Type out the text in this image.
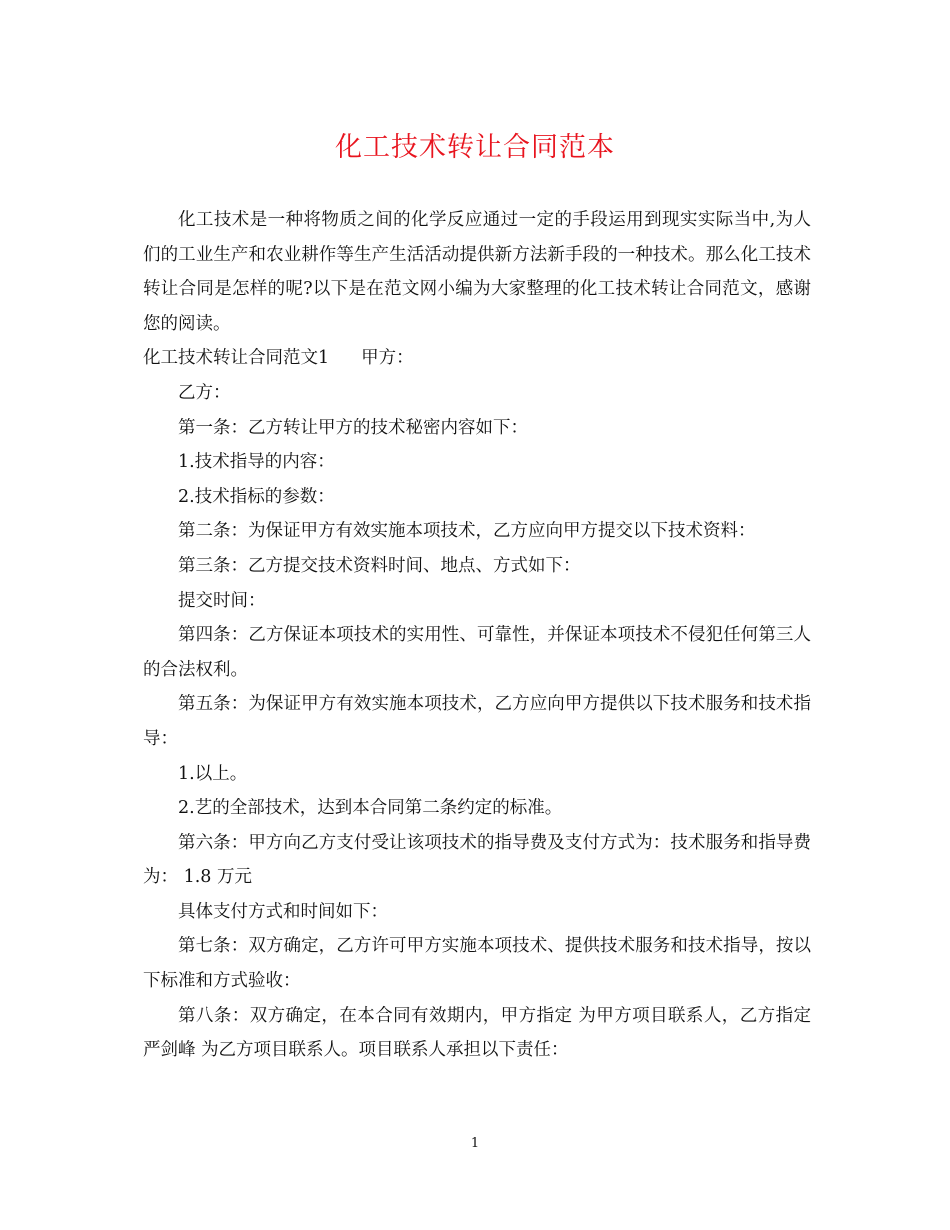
化工技术转让合同范本

化工技术是一种将物质之间的化学反应通过一定的手段运用到现实实际当中,为人们的工业生产和农业耕作等生产生活活动提供新方法新手段的一种技术。那么化工技术转让合同是怎样的呢?以下是在范文网小编为大家整理的化工技术转让合同范文，感谢您的阅读。

化工技术转让合同范文1 甲方：

乙方：

第一条：乙方转让甲方的技术秘密内容如下：

1.技术指导的内容：

2.技术指标的参数：

第二条：为保证甲方有效实施本项技术，乙方应向甲方提交以下技术资料：

第三条：乙方提交技术资料时间、地点、方式如下：

提交时间：

第四条：乙方保证本项技术的实用性、可靠性，并保证本项技术不侵犯任何第三人的合法权利。

第五条：为保证甲方有效实施本项技术，乙方应向甲方提供以下技术服务和技术指导：

1.以上。

2.艺的全部技术，达到本合同第二条约定的标准。

第六条：甲方向乙方支付受让该项技术的指导费及支付方式为：技术服务和指导费为： 1.8 万元

具体支付方式和时间如下：

第七条：双方确定，乙方许可甲方实施本项技术、提供技术服务和技术指导，按以下标准和方式验收：

第八条：双方确定，在本合同有效期内，甲方指定 为甲方项目联系人，乙方指定 严剑峰 为乙方项目联系人。项目联系人承担以下责任：

1
